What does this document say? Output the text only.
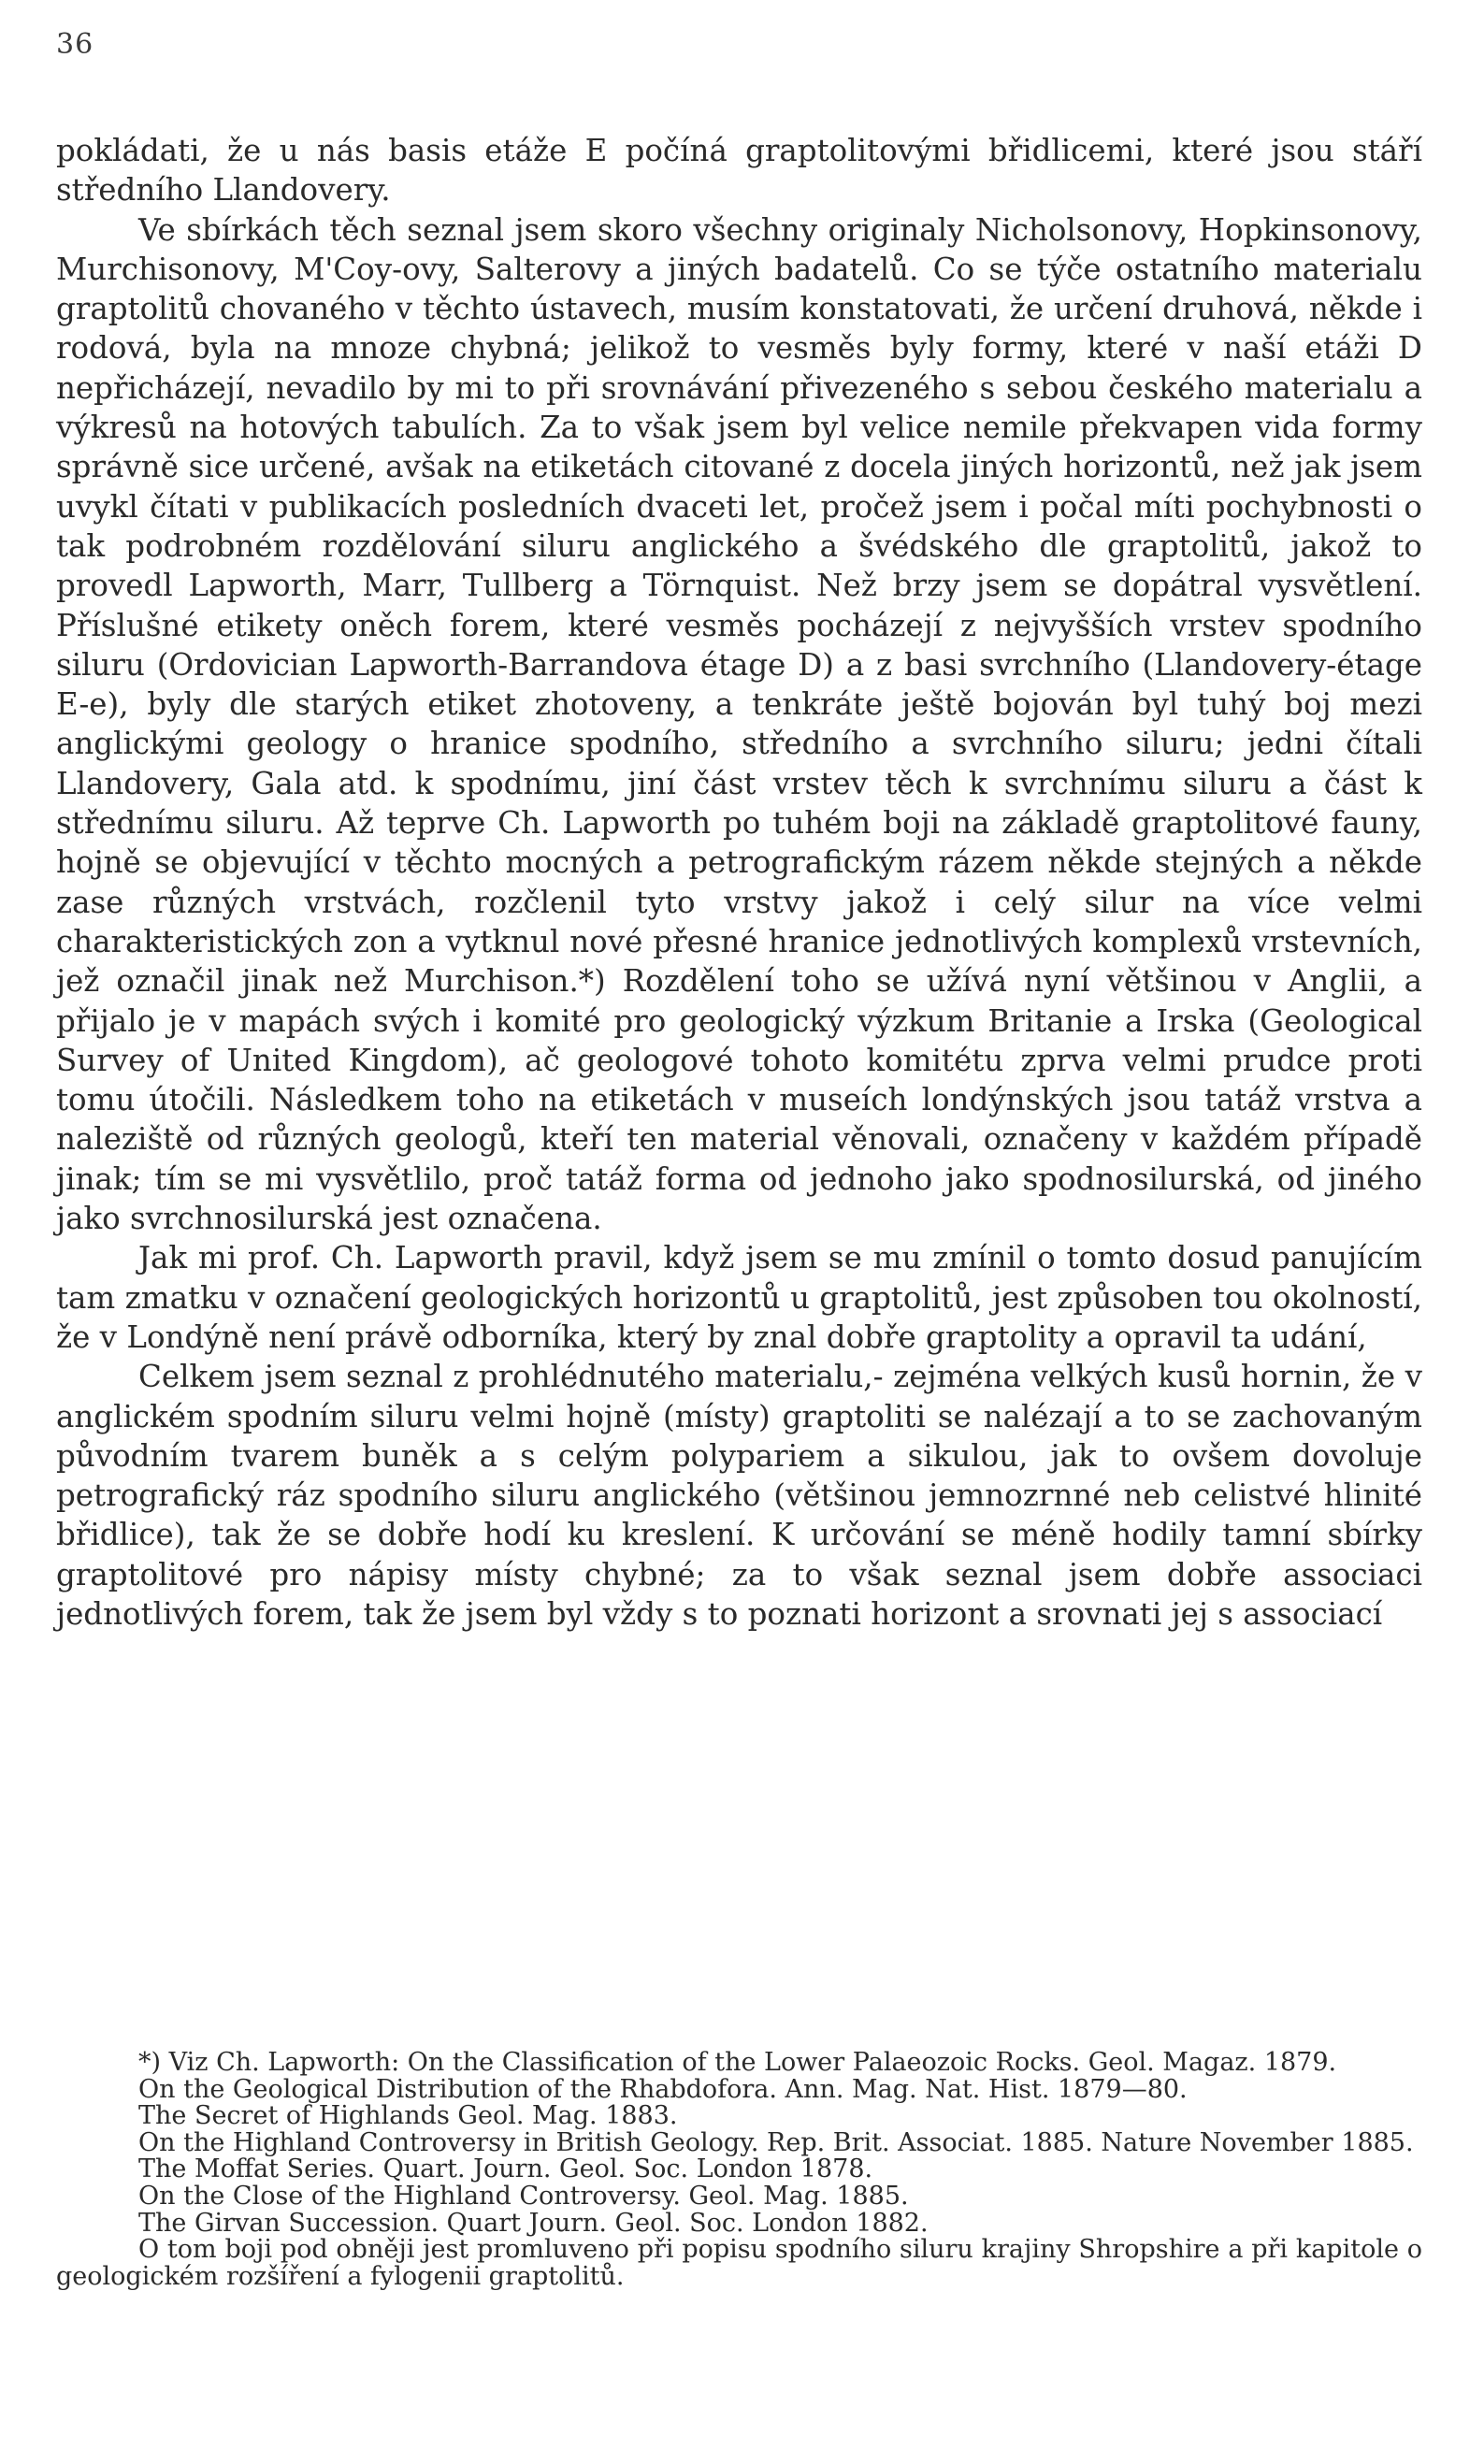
36

pokládati, že u nás basis etáže E počíná graptolitovými břidlicemi, které jsou stáří středního Llandovery.

Ve sbírkách těch seznal jsem skoro všechny originaly Nicholsonovy, Hopkinsonovy, Murchisonovy, M'Coy-ovy, Salterovy a jiných badatelů. Co se týče ostatního materialu graptolitů chovaného v těchto ústavech, musím konstatovati, že určení druhová, někde i rodová, byla na mnoze chybná; jelikož to vesměs byly formy, které v naší etáži D nepřicházejí, nevadilo by mi to při srovnávání přivezeného s sebou českého materialu a výkresů na hotových tabulích. Za to však jsem byl velice nemile překvapen vida formy správně sice určené, avšak na etiketách citované z docela jiných horizontů, než jak jsem uvykl čítati v publikacích posledních dvaceti let, pročež jsem i počal míti pochybnosti o tak podrobném rozdělování siluru anglického a švédského dle graptolitů, jakož to provedl Lapworth, Marr, Tullberg a Törnquist. Než brzy jsem se dopátral vysvětlení. Příslušné etikety oněch forem, které vesměs pocházejí z nejvyšších vrstev spodního siluru (Ordovician Lapworth-Barrandova étage D) a z basi svrchního (Llandovery-étage E-e), byly dle starých etiket zhotoveny, a tenkráte ještě bojován byl tuhý boj mezi anglickými geology o hranice spodního, středního a svrchního siluru; jedni čítali Llandovery, Gala atd. k spodnímu, jiní část vrstev těch k svrchnímu siluru a část k střednímu siluru. Až teprve Ch. Lapworth po tuhém boji na základě graptolitové fauny, hojně se objevující v těchto mocných a petrografickým rázem někde stejných a někde zase různých vrstvách, rozčlenil tyto vrstvy jakož i celý silur na více velmi charakteristických zon a vytknul nové přesné hranice jednotlivých komplexů vrstevních, jež označil jinak než Murchison.*) Rozdělení toho se užívá nyní většinou v Anglii, a přijalo je v mapách svých i komité pro geologický výzkum Britanie a Irska (Geological Survey of United Kingdom), ač geologové tohoto komitétu zprva velmi prudce proti tomu útočili. Následkem toho na etiketách v museích londýnských jsou tatáž vrstva a naleziště od různých geologů, kteří ten material věnovali, označeny v každém případě jinak; tím se mi vysvětlilo, proč tatáž forma od jednoho jako spodnosilurská, od jiného jako svrchnosilurská jest označena.

Jak mi prof. Ch. Lapworth pravil, když jsem se mu zmínil o tomto dosud panujícím tam zmatku v označení geologických horizontů u graptolitů, jest způsoben tou okolností, že v Londýně není právě odborníka, který by znal dobře graptolity a opravil ta udání,

Celkem jsem seznal z prohlédnutého materialu,- zejména velkých kusů hornin, že v anglickém spodním siluru velmi hojně (místy) graptoliti se nalézají a to se zachovaným původním tvarem buněk a s celým polypariem a sikulou, jak to ovšem dovoluje petrografický ráz spodního siluru anglického (většinou jemnozrnné neb celistvé hlinité břidlice), tak že se dobře hodí ku kreslení. K určování se méně hodily tamní sbírky graptolitové pro nápisy místy chybné; za to však seznal jsem dobře associaci jednotlivých forem, tak že jsem byl vždy s to poznati horizont a srovnati jej s associací

*) Viz Ch. Lapworth: On the Classification of the Lower Palaeozoic Rocks. Geol. Magaz. 1879.

On the Geological Distribution of the Rhabdofora. Ann. Mag. Nat. Hist. 1879—80.

The Secret of Highlands Geol. Mag. 1883.

On the Highland Controversy in British Geology. Rep. Brit. Associat. 1885. Nature November 1885.

The Moffat Series. Quart. Journ. Geol. Soc. London 1878.

On the Close of the Highland Controversy. Geol. Mag. 1885.

The Girvan Succession. Quart Journ. Geol. Soc. London 1882.

O tom boji pod obněji jest promluveno při popisu spodního siluru krajiny Shropshire a při kapitole o geologickém rozšíření a fylogenii graptolitů.
